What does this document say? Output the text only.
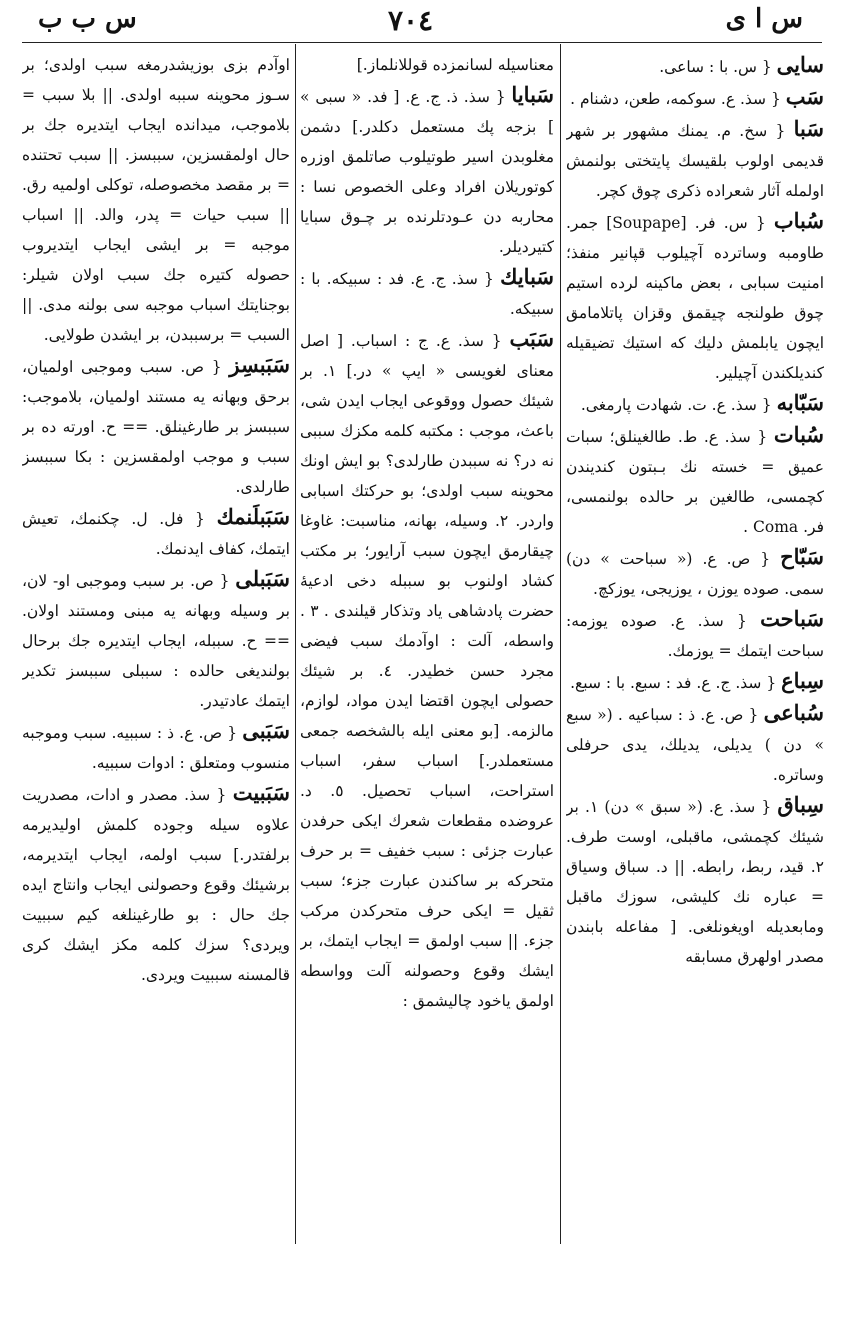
س ب ب	٧٠٤	س ا ى

سايى { س. با : ساعى.

سَب { سذ. ع. سوكمه، طعن، دشنام .

سَبا { سخ. م. يمنك مشهور بر شهر قديمى اولوب بلقيسك پايتختى بولنمش اولمله آثار شعراده ذكرى چوق كچر.

سُباب { س. فر. [Soupape] جمر. طاومبه وساترده آچيلوب قپانير منفذ؛ امنيت سبابى ، بعض ماكينه لرده استيم چوق طولنجه چيقمق وقزان پاتلامامق ايچون يابلمش دليك كه استيك تضيقيله كنديلكندن آچيلير.

سَبّابه { سذ. ع. ت. شهادت پارمغى.

سُبات { سذ. ع. ط. طالغينلق؛ سبات عميق = خسته نك بـبتون كنديندن كچمسى، طالغين بر حالده بولنمسى، فر. Coma .

سَبّاح { ص. ع. (« سباحت » دن) سمى. صوده يوزن ، يوزيجى، يوزكچ.

سَباحت { سذ. ع. صوده يوزمه: سباحت ايتمك = يوزمك.

سِباع { سذ. ج. ع. فد : سبع. با : سبع.

سُباعى { ص. ع. ذ : سباعيه . (« سبع » دن ) يديلى، يديلك، يدى حرفلى وساتره.

سِباق { سذ. ع. (« سبق » دن) ١. بر شيئك كچمشى، ماقبلى، اوست طرف. ٢. قيد، ربط، رابطه. || د. سباق وسياق = عباره نك كليشى، سوزك ماقبل ومابعديله اويغونلغى. [ مفاعله بابندن مصدر اولهرق مسابقه

معناسيله لسانمزده قوللانلماز.]

سَبايا { سذ. ذ. ج. ع. [ فد. « سبى » ] بزجه پك مستعمل دكلدر.] دشمن مغلوبدن اسير طوتيلوب صاتلمق اوزره كوتوريلان افراد وعلى الخصوص نسا : محاربه دن عـودتلرنده بر چـوق سبايا كتيرديلر.

سَبايك { سذ. ج. ع. فد : سبيكه. با : سبيكه.

سَبَب { سذ. ع. ج : اسباب. [ اصل معناى لغويسى « ايپ » در.] ١. بر شيئك حصول ووقوعى ايجاب ايدن شى، باعث، موجب : مكتبه كلمه مكزك سببى نه در؟ نه سببدن طارلدى؟ بو ايش اونك محوينه سبب اولدى؛ بو حركتك اسبابى واردر. ٢. وسيله، بهانه، مناسبت: غاوغا چيقارمق ايچون سبب آرايور؛ بر مكتب كشاد اولنوب بو سببله دخى ادعيهٔ حضرت پادشاهى ياد وتذكار قيلندى . ٣ . واسطه، آلت : اوآدمك سبب فيضى مجرد حسن خطيدر. ٤. بر شيئك حصولى ايچون اقتضا ايدن مواد، لوازم، مالزمه. [بو معنى ايله بالشخصه جمعى مستعملدر.] اسباب سفر، اسباب استراحت، اسباب تحصيل. ٥. د. عروضده مقطعات شعرك ايكى حرفدن عبارت جزئى : سبب خفيف = بر حرف متحركه بر ساكندن عبارت جزء؛ سبب ثقيل = ايكى حرف متحركدن مركب جزء. || سبب اولمق = ايجاب ايتمك، بر ايشك وقوع وحصولنه آلت وواسطه اولمق ياخود چاليشمق :

اوآدم بزى بوزيشدرمغه سبب اولدى؛ بر سـوز محوينه سببه اولدى. || بلا سبب = بلاموجب، ميدانده ايجاب ايتديره جك بر حال اولمقسزين، سببسز. || سبب تحتنده = بر مقصد مخصوصله، توكلى اولميه رق. || سبب حيات = پدر، والد. || اسباب موجبه = بر ايشى ايجاب ايتديروب حصوله كتيره جك سبب اولان شيلر: بوجنايتك اسباب موجبه سى بولنه مدى. || السبب = برسببدن، بر ايشدن طولايى.

سَبَبسِز { ص. سبب وموجبى اولميان، برحق وبهانه يه مستند اولميان، بلاموجب: سببسز بر طارغينلق. == ح. اورته ده بر سبب و موجب اولمقسزين : بكا سببسز طارلدى.

سَبَبلَنمك { فل. ل. چكنمك، تعيش ايتمك، كفاف ايدنمك.

سَبَبلى { ص. بر سبب وموجبى او- لان، بر وسيله وبهانه يه مبنى ومستند اولان. == ح. سببله، ايجاب ايتديره جك برحال بولنديغى حالده : سببلى سببسز تكدير ايتمك عادتيدر.

سَبَبى { ص. ع. ذ : سببيه. سبب وموجبه منسوب ومتعلق : ادوات سببيه.

سَبَبيت { سذ. مصدر و ادات، مصدريت علاوه سيله وجوده كلمش اوليديرمه برلفتدر.] سبب اولمه، ايجاب ايتديرمه، برشيئك وقوع وحصولنى ايجاب وانتاج ايده جك حال : بو طارغينلغه كيم سببيت ويردى؟ سزك كلمه مكز ايشك كرى قالمسنه سببيت ويردى.
